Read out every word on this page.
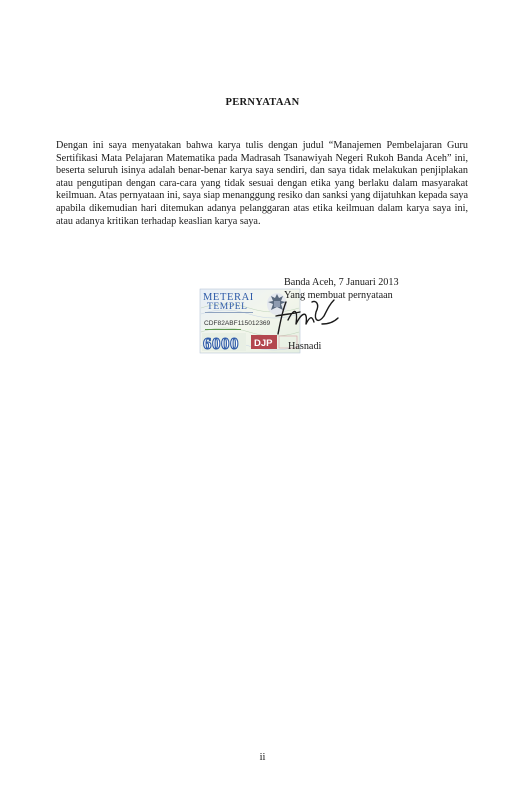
PERNYATAAN

Dengan ini saya menyatakan bahwa karya tulis dengan judul “Manajemen Pembelajaran Guru Sertifikasi Mata Pelajaran Matematika pada Madrasah Tsanawiyah Negeri Rukoh Banda Aceh” ini, beserta seluruh isinya adalah benar-benar karya saya sendiri, dan saya tidak melakukan penjiplakan atau pengutipan dengan cara-cara yang tidak sesuai dengan etika yang berlaku dalam masyarakat keilmuan. Atas pernyataan ini, saya siap menanggung resiko dan sanksi yang dijatuhkan kepada saya apabila dikemudian hari ditemukan adanya pelanggaran atas etika keilmuan dalam karya saya ini, atau adanya kritikan terhadap keaslian karya saya.

METERAI
TEMPEL
CDF82ABF115012369
6000 DJP
Banda Aceh, 7 Januari 2013
Yang membuat pernyataan
Hasnadi
ii
